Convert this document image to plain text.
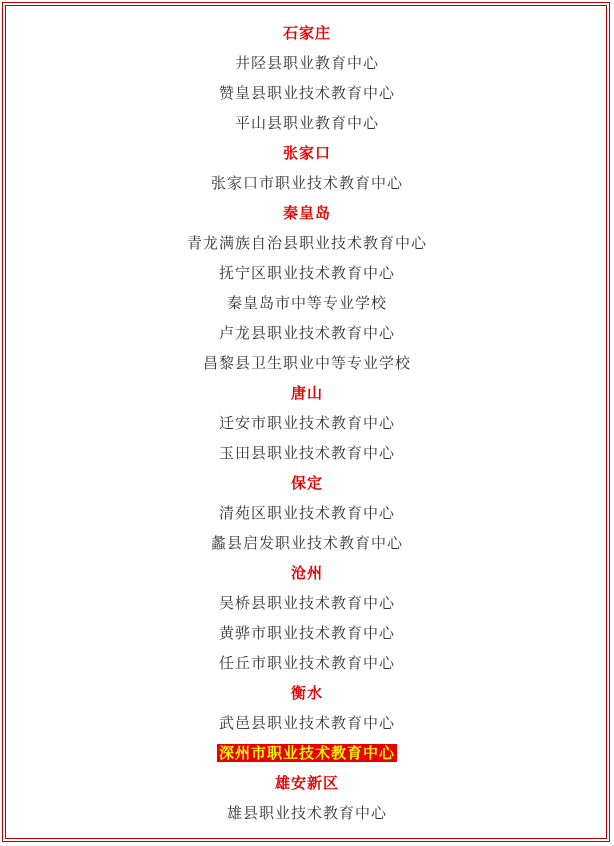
石家庄
井陉县职业教育中心
赞皇县职业技术教育中心
平山县职业教育中心
张家口
张家口市职业技术教育中心
秦皇岛
青龙满族自治县职业技术教育中心
抚宁区职业技术教育中心
秦皇岛市中等专业学校
卢龙县职业技术教育中心
昌黎县卫生职业中等专业学校
唐山
迁安市职业技术教育中心
玉田县职业技术教育中心
保定
清苑区职业技术教育中心
蠡县启发职业技术教育中心
沧州
吴桥县职业技术教育中心
黄骅市职业技术教育中心
任丘市职业技术教育中心
衡水
武邑县职业技术教育中心
深州市职业技术教育中心
雄安新区
雄县职业技术教育中心
